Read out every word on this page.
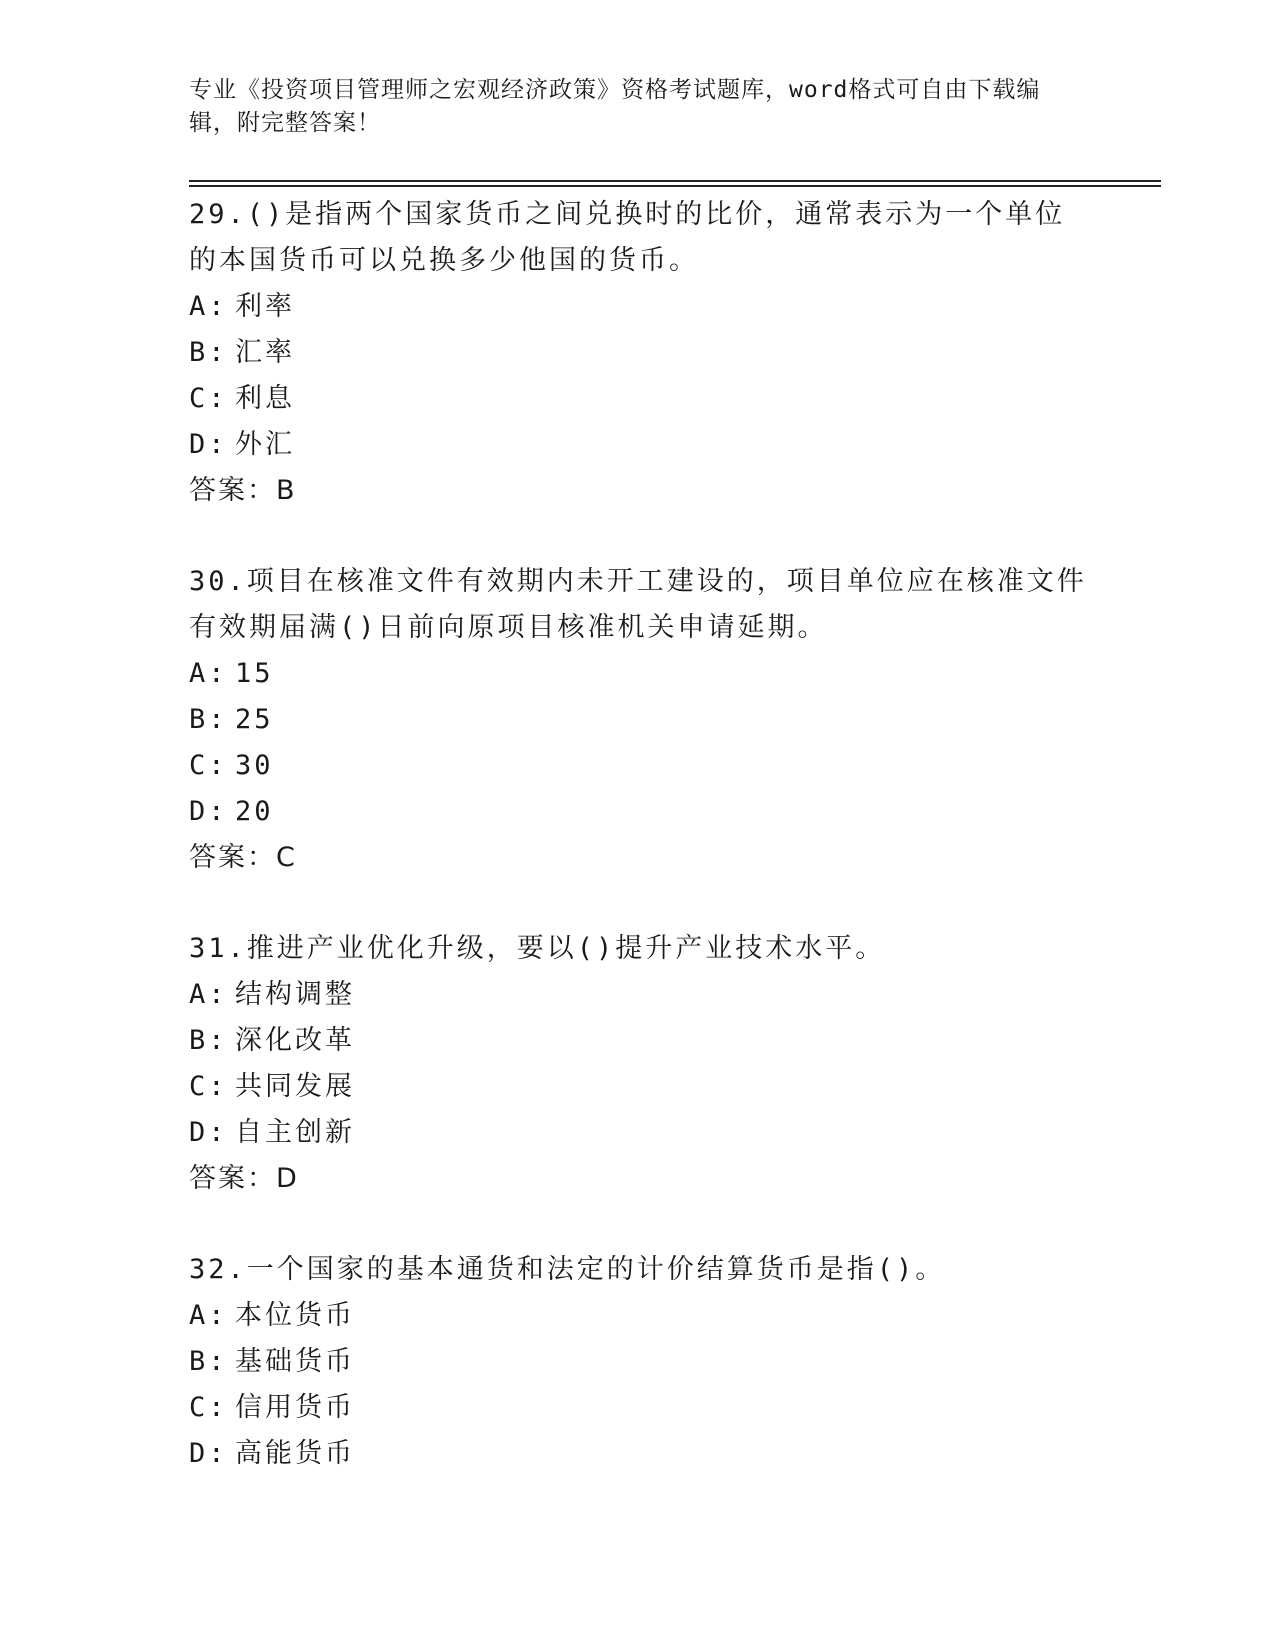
专业《投资项目管理师之宏观经济政策》资格考试题库，word格式可自由下载编辑，附完整答案！
29.()是指两个国家货币之间兑换时的比价，通常表示为一个单位的本国货币可以兑换多少他国的货币。
A: 利率
B: 汇率
C: 利息
D: 外汇
答案：B
30.项目在核准文件有效期内未开工建设的，项目单位应在核准文件有效期届满()日前向原项目核准机关申请延期。
A: 15
B: 25
C: 30
D: 20
答案：C
31.推进产业优化升级，要以()提升产业技术水平。
A: 结构调整
B: 深化改革
C: 共同发展
D: 自主创新
答案：D
32.一个国家的基本通货和法定的计价结算货币是指()。
A: 本位货币
B: 基础货币
C: 信用货币
D: 高能货币
